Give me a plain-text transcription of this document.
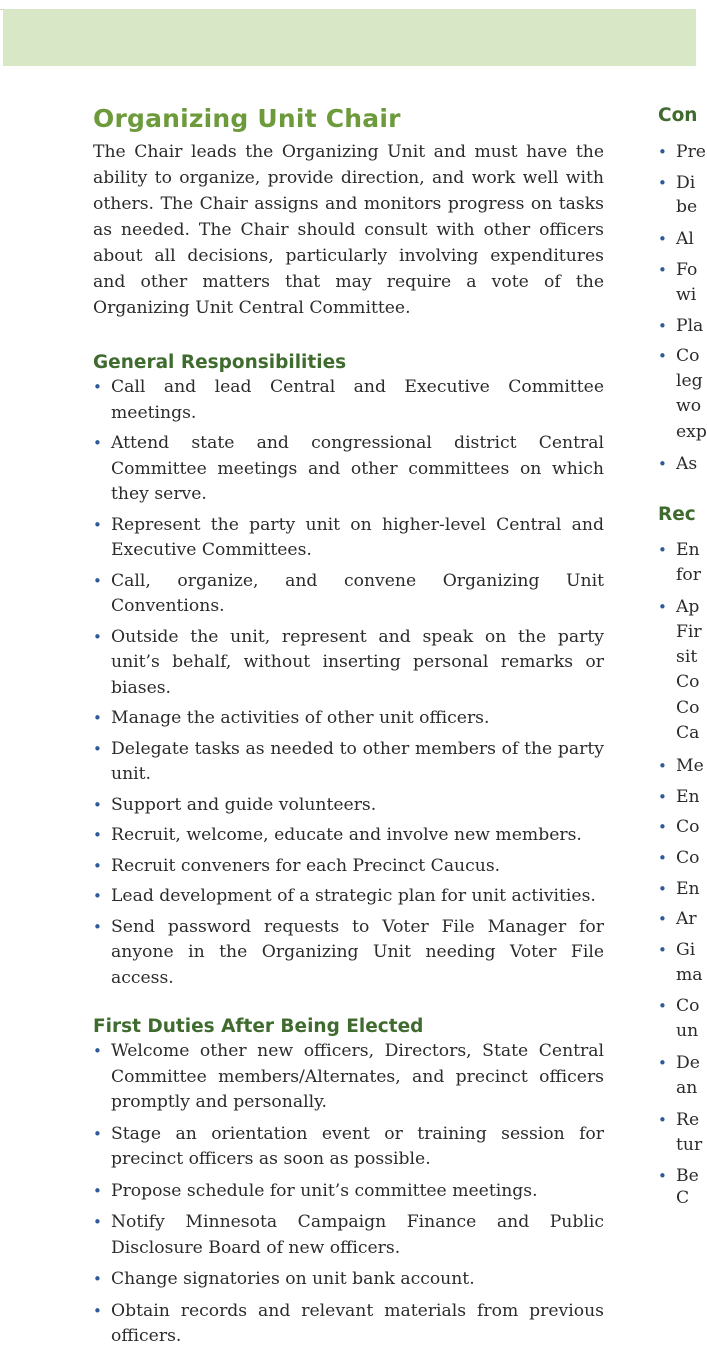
Organizing Unit Chair

The Chair leads the Organizing Unit and must have the ability to organize, provide direction, and work well with others. The Chair assigns and monitors progress on tasks as needed. The Chair should consult with other officers about all decisions, particularly involving expenditures and other matters that may require a vote of the Organizing Unit Central Committee.

General Responsibilities
• Call and lead Central and Executive Committee meetings.
• Attend state and congressional district Central Committee meetings and other committees on which they serve.
• Represent the party unit on higher-level Central and Executive Committees.
• Call, organize, and convene Organizing Unit Conventions.
• Outside the unit, represent and speak on the party unit’s behalf, without inserting personal remarks or biases.
• Manage the activities of other unit officers.
• Delegate tasks as needed to other members of the party unit.
• Support and guide volunteers.
• Recruit, welcome, educate and involve new members.
• Recruit conveners for each Precinct Caucus.
• Lead development of a strategic plan for unit activities.
• Send password requests to Voter File Manager for anyone in the Organizing Unit needing Voter File access.
First Duties After Being Elected
• Welcome other new officers, Directors, State Central Committee members/Alternates, and precinct officers promptly and personally.
• Stage an orientation event or training session for precinct officers as soon as possible.
• Propose schedule for unit’s committee meetings.
• Notify Minnesota Campaign Finance and Public Disclosure Board of new officers.
• Change signatories on unit bank account.
• Obtain records and relevant materials from previous officers.
Con
• Pre
• Di
be
• Al
• Fo
wi
• Pla
• Co
leg
wo
exp
• As
Rec
• En
for
• Ap
Fir
sit
Co
Co
Ca
• Me
• En
• Co
• Co
• En
• Ar
• Gi
ma
• Co
un
• De
an
• Re
tur
• Be
C
